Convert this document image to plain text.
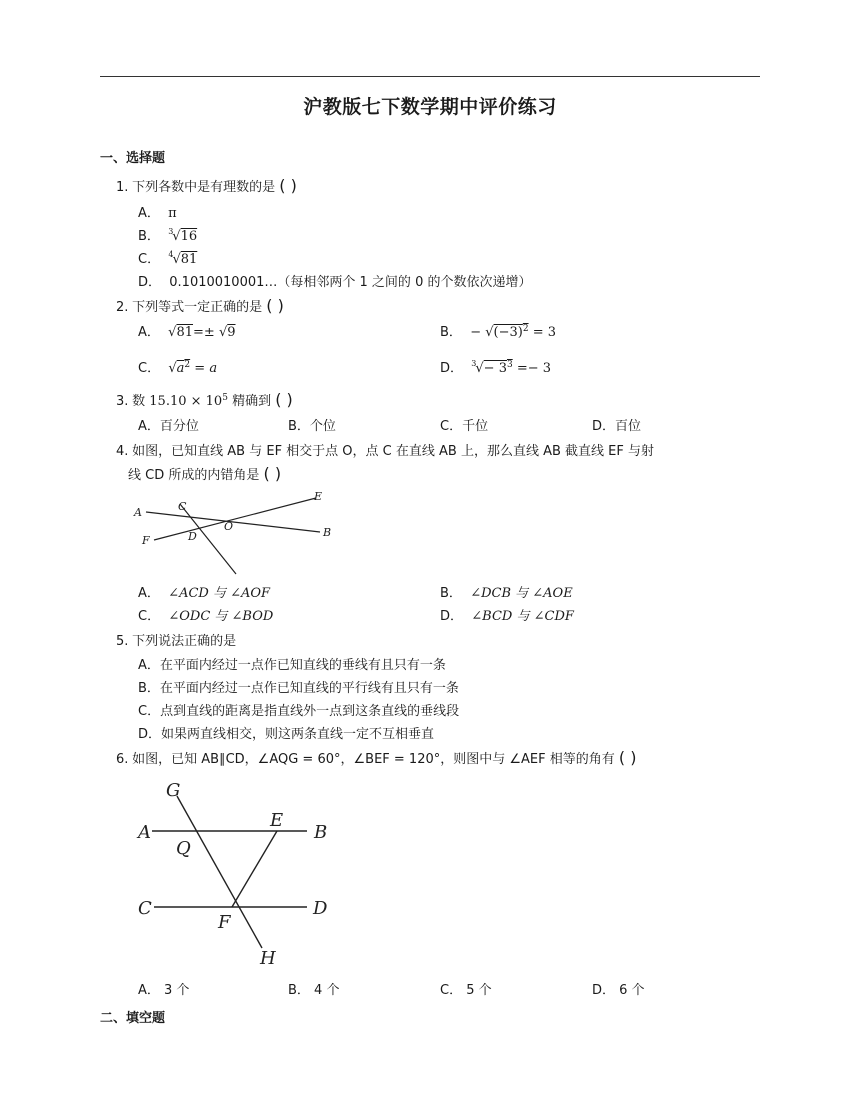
沪教版七下数学期中评价练习
一、选择题
1. 下列各数中是有理数的是 ( )
A． π
B． $^3$√16
C． $^4$√81
D． 0.1010010001…（每相邻两个 1 之间的 0 的个数依次递增）
2. 下列等式一定正确的是 ( )
A． √81=± √9	B． − $√(-3)^2 = 3$
C． $√a^2 = a$	D． $^3√- 3^3 =- 3$
3. 数 $15.10 \times 10^5$ 精确到 ( )
A．百分位	B．个位	C．千位	D．百位
4. 如图，已知直线 AB 与 EF 相交于点 O，点 C 在直线 AB 上，那么直线 AB 截直线 EF 与射
线 CD 所成的内错角是 ( )
A	C
O
E
B
F	D
A． ∠ACD 与 ∠AOF	B． ∠DCB 与 ∠AOE
C． ∠ODC 与 ∠BOD	D． ∠BCD 与 ∠CDF
5. 下列说法正确的是
A．在平面内经过一点作已知直线的垂线有且只有一条
B．在平面内经过一点作已知直线的平行线有且只有一条
C．点到直线的距离是指直线外一点到这条直线的垂线段
D．如果两直线相交，则这两条直线一定不互相垂直
6. 如图，已知 AB∥CD，∠AQG = 60°，∠BEF = 120°，则图中与 ∠AEF 相等的角有 ( )
G
A
Q
E
B
C
F
D
H
A． 3 个	B． 4 个	C． 5 个	D． 6 个
二、填空题
